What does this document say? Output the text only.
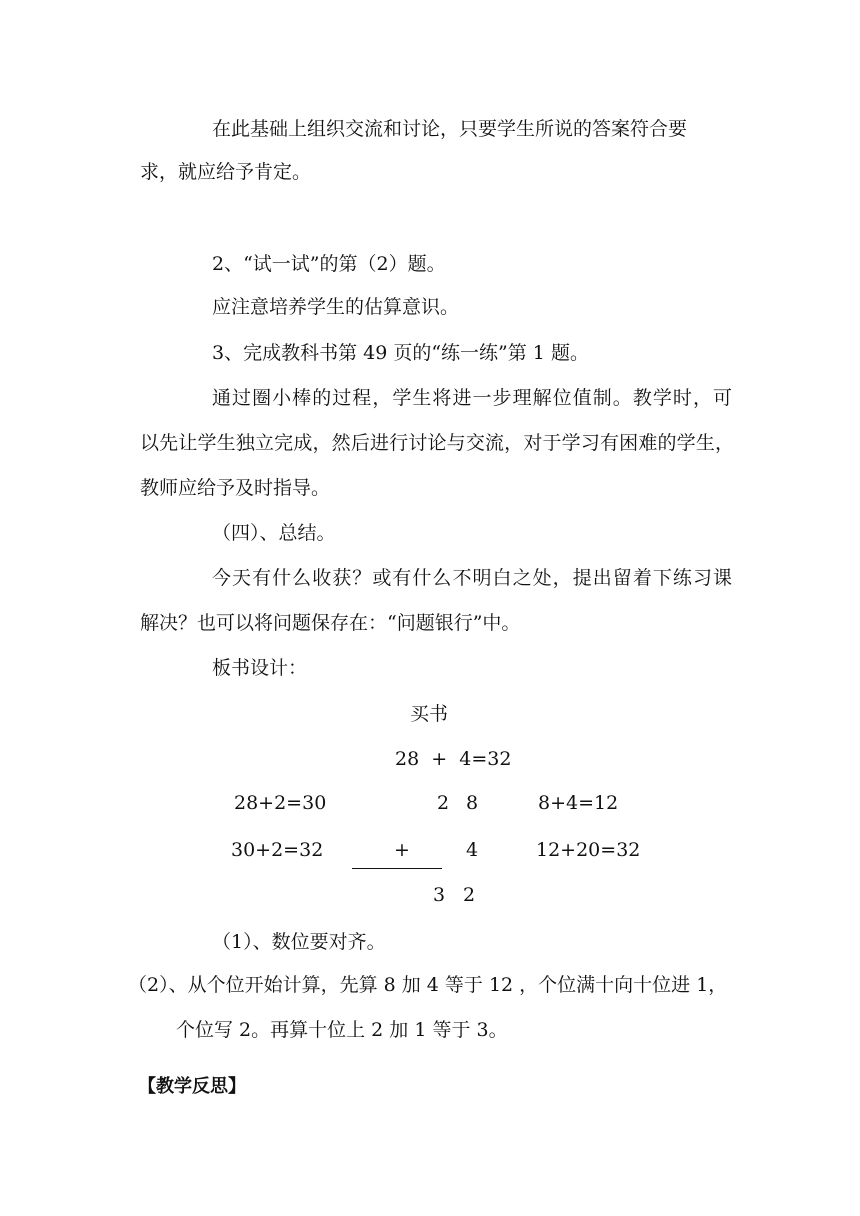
在此基础上组织交流和讨论，只要学生所说的答案符合要
求，就应给予肯定。
2、“试一试”的第（2）题。
应注意培养学生的估算意识。
3、完成教科书第 49 页的“练一练”第 1 题。
通过圈小棒的过程，学生将进一步理解位值制。教学时，可
以先让学生独立完成，然后进行讨论与交流，对于学习有困难的学生，
教师应给予及时指导。
（四）、总结。
今天有什么收获？或有什么不明白之处，提出留着下练习课
解决？也可以将问题保存在：“问题银行”中。
板书设计：
买书
28  +  4=32
28+2=30
30+2=32
2 8
+	4
3 2
8+4=12
12+20=32
（1）、数位要对齐。
（2）、从个位开始计算，先算 8 加 4 等于 12 ，个位满十向十位进 1，
个位写 2。再算十位上 2 加 1 等于 3。
【教学反思】
